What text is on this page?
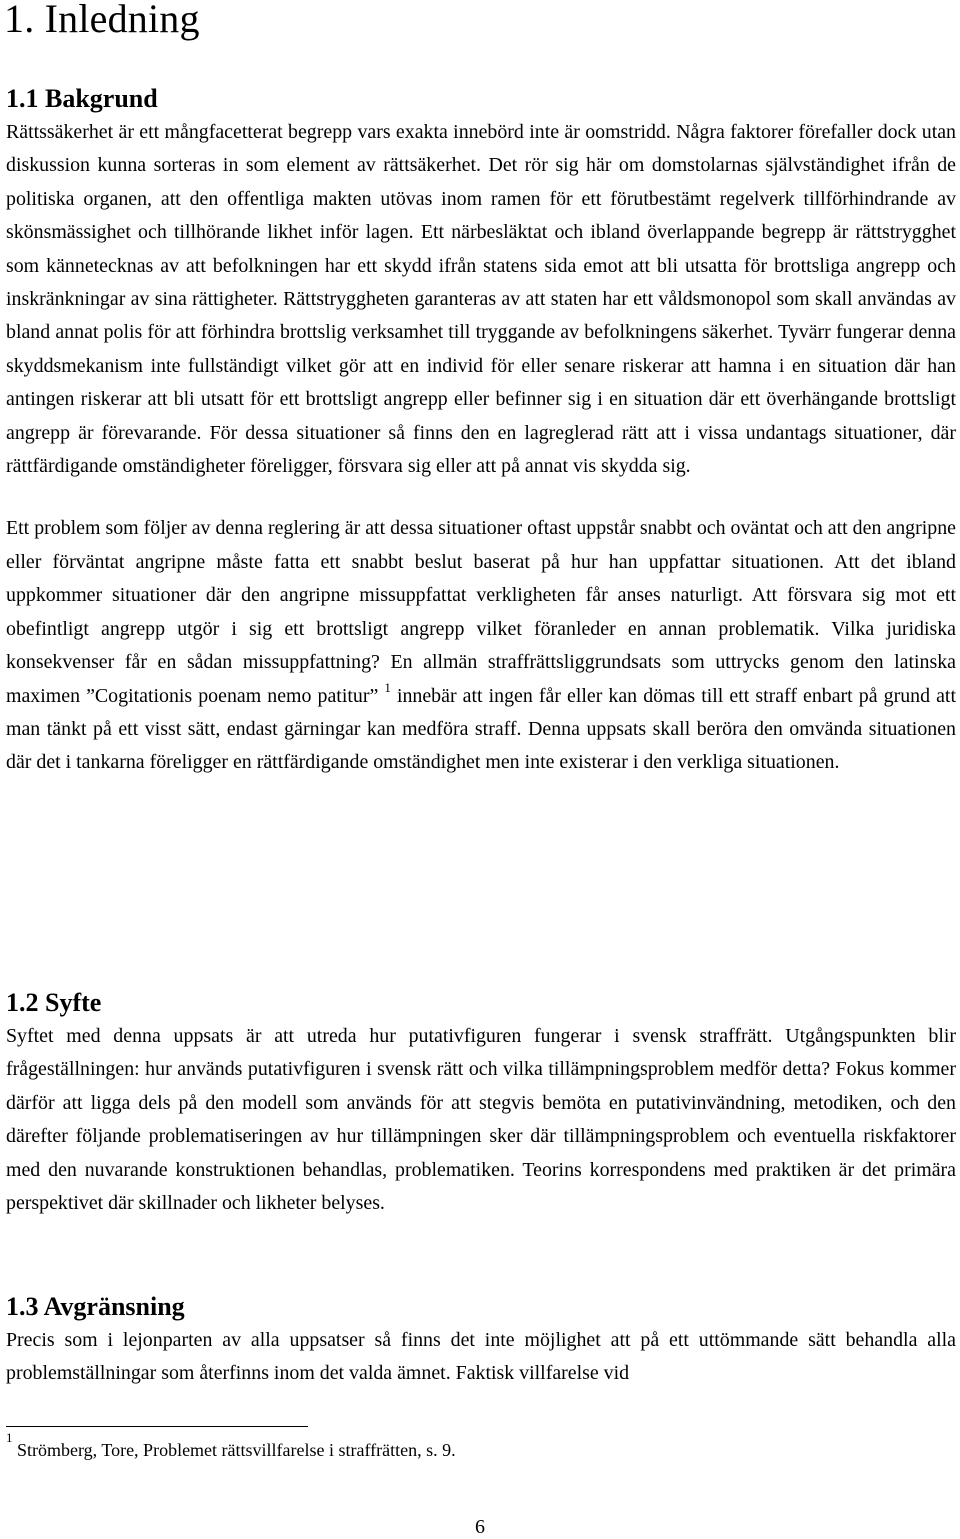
1. Inledning
1.1 Bakgrund

Rättssäkerhet är ett mångfacetterat begrepp vars exakta innebörd inte är oomstridd. Några faktorer förefaller dock utan diskussion kunna sorteras in som element av rättsäkerhet. Det rör sig här om domstolarnas självständighet ifrån de politiska organen, att den offentliga makten utövas inom ramen för ett förutbestämt regelverk tillförhindrande av skönsmässighet och tillhörande likhet inför lagen. Ett närbesläktat och ibland överlappande begrepp är rättstrygghet som kännetecknas av att befolkningen har ett skydd ifrån statens sida emot att bli utsatta för brottsliga angrepp och inskränkningar av sina rättigheter. Rättstryggheten garanteras av att staten har ett våldsmonopol som skall användas av bland annat polis för att förhindra brottslig verksamhet till tryggande av befolkningens säkerhet. Tyvärr fungerar denna skyddsmekanism inte fullständigt vilket gör att en individ för eller senare riskerar att hamna i en situation där han antingen riskerar att bli utsatt för ett brottsligt angrepp eller befinner sig i en situation där ett överhängande brottsligt angrepp är förevarande. För dessa situationer så finns den en lagreglerad rätt att i vissa undantags situationer, där rättfärdigande omständigheter föreligger, försvara sig eller att på annat vis skydda sig.

Ett problem som följer av denna reglering är att dessa situationer oftast uppstår snabbt och oväntat och att den angripne eller förväntat angripne måste fatta ett snabbt beslut baserat på hur han uppfattar situationen. Att det ibland uppkommer situationer där den angripne missuppfattat verkligheten får anses naturligt. Att försvara sig mot ett obefintligt angrepp utgör i sig ett brottsligt angrepp vilket föranleder en annan problematik. Vilka juridiska konsekvenser får en sådan missuppfattning? En allmän straffrättsliggrundsats som uttrycks genom den latinska maximen ”Cogitationis poenam nemo patitur” $^1$ innebär att ingen får eller kan dömas till ett straff enbart på grund att man tänkt på ett visst sätt, endast gärningar kan medföra straff. Denna uppsats skall beröra den omvända situationen där det i tankarna föreligger en rättfärdigande omständighet men inte existerar i den verkliga situationen.

1.2 Syfte

Syftet med denna uppsats är att utreda hur putativfiguren fungerar i svensk straffrätt. Utgångspunkten blir frågeställningen: hur används putativfiguren i svensk rätt och vilka tillämpningsproblem medför detta? Fokus kommer därför att ligga dels på den modell som används för att stegvis bemöta en putativinvändning, metodiken, och den därefter följande problematiseringen av hur tillämpningen sker där tillämpningsproblem och eventuella riskfaktorer med den nuvarande konstruktionen behandlas, problematiken. Teorins korrespondens med praktiken är det primära perspektivet där skillnader och likheter belyses.

1.3 Avgränsning

Precis som i lejonparten av alla uppsatser så finns det inte möjlighet att på ett uttömmande sätt behandla alla problemställningar som återfinns inom det valda ämnet. Faktisk villfarelse vid

$^1$ Strömberg, Tore, Problemet rättsvillfarelse i straffrätten, s. 9.
6
